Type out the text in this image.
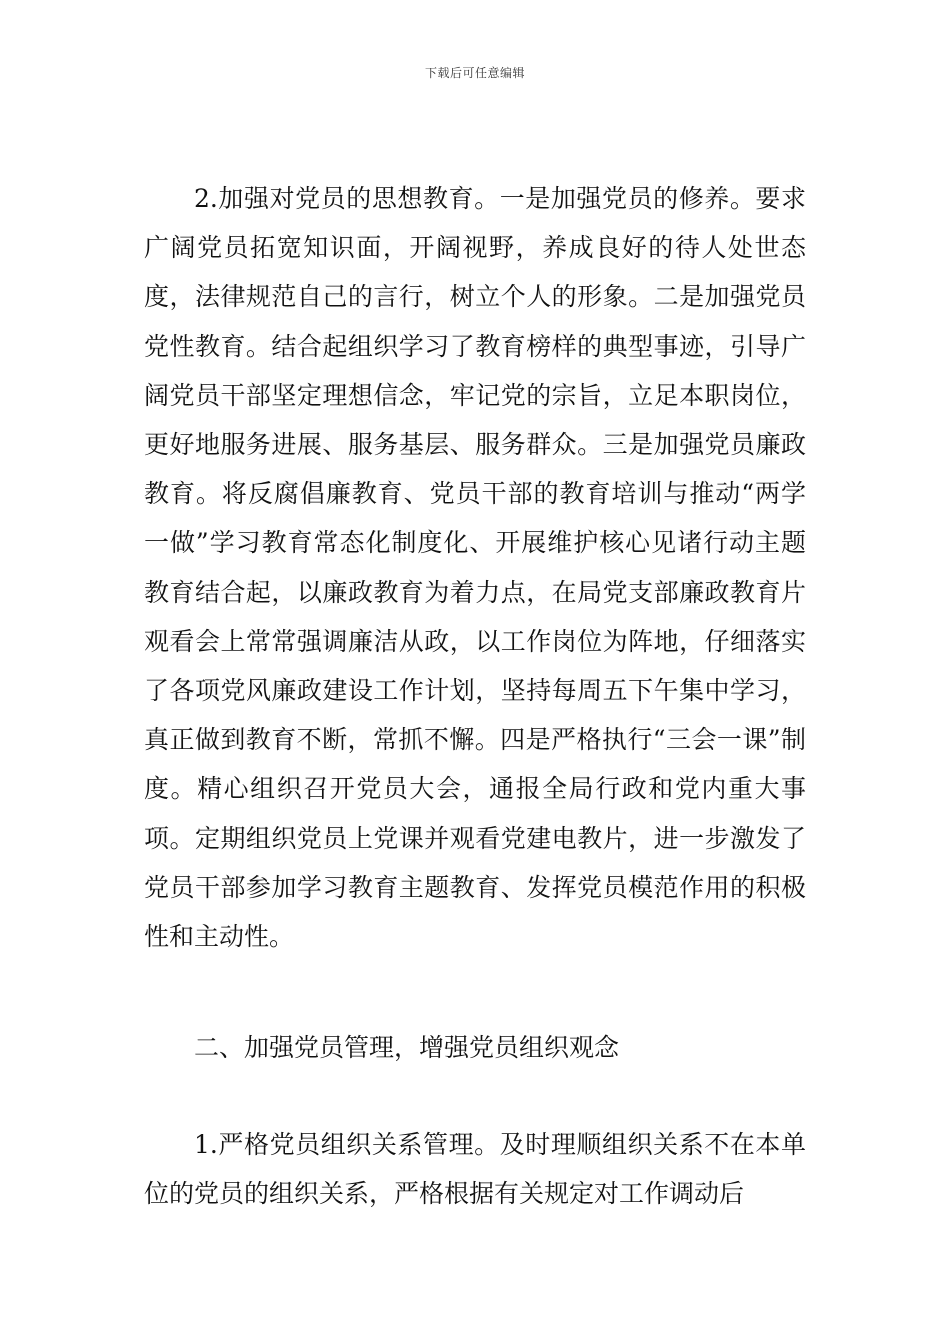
下载后可任意编辑

2.加强对党员的思想教育。一是加强党员的修养。要求广阔党员拓宽知识面，开阔视野，养成良好的待人处世态度，法律规范自己的言行，树立个人的形象。二是加强党员党性教育。结合起组织学习了教育榜样的典型事迹，引导广阔党员干部坚定理想信念，牢记党的宗旨，立足本职岗位，更好地服务进展、服务基层、服务群众。三是加强党员廉政教育。将反腐倡廉教育、党员干部的教育培训与推动“两学一做”学习教育常态化制度化、开展维护核心见诸行动主题教育结合起，以廉政教育为着力点，在局党支部廉政教育片观看会上常常强调廉洁从政，以工作岗位为阵地，仔细落实了各项党风廉政建设工作计划，坚持每周五下午集中学习，真正做到教育不断，常抓不懈。四是严格执行“三会一课”制度。精心组织召开党员大会，通报全局行政和党内重大事项。定期组织党员上党课并观看党建电教片，进一步激发了党员干部参加学习教育主题教育、发挥党员模范作用的积极性和主动性。

二、加强党员管理，增强党员组织观念

1.严格党员组织关系管理。及时理顺组织关系不在本单位的党员的组织关系，严格根据有关规定对工作调动后
